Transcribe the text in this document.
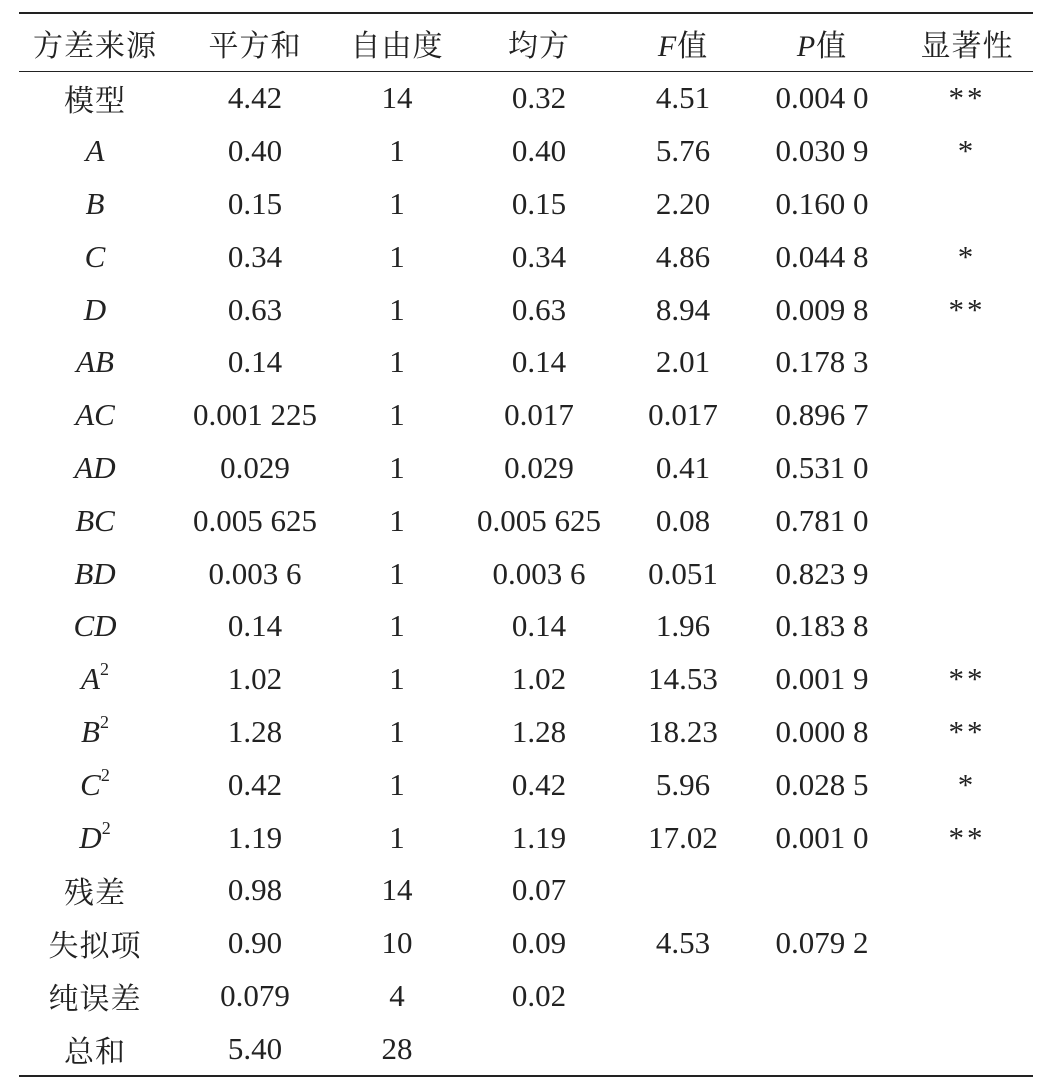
方差来源	平方和	自由度	均方	F值	P值	显著性
模型	4.42	14	0.32	4.51	0.004 0	**
A	0.40	1	0.40	5.76	0.030 9	*
B	0.15	1	0.15	2.20	0.160 0	
C	0.34	1	0.34	4.86	0.044 8	*
D	0.63	1	0.63	8.94	0.009 8	**
AB	0.14	1	0.14	2.01	0.178 3	
AC	0.001 225	1	0.017	0.017	0.896 7	
AD	0.029	1	0.029	0.41	0.531 0	
BC	0.005 625	1	0.005 625	0.08	0.781 0	
BD	0.003 6	1	0.003 6	0.051	0.823 9	
CD	0.14	1	0.14	1.96	0.183 8	
$A^2$	1.02	1	1.02	14.53	0.001 9	**
$B^2$	1.28	1	1.28	18.23	0.000 8	**
$C^2$	0.42	1	0.42	5.96	0.028 5	*
$D^2$	1.19	1	1.19	17.02	0.001 0	**
残差	0.98	14	0.07			
失拟项	0.90	10	0.09	4.53	0.079 2	
纯误差	0.079	4	0.02			
总和	5.40	28				
